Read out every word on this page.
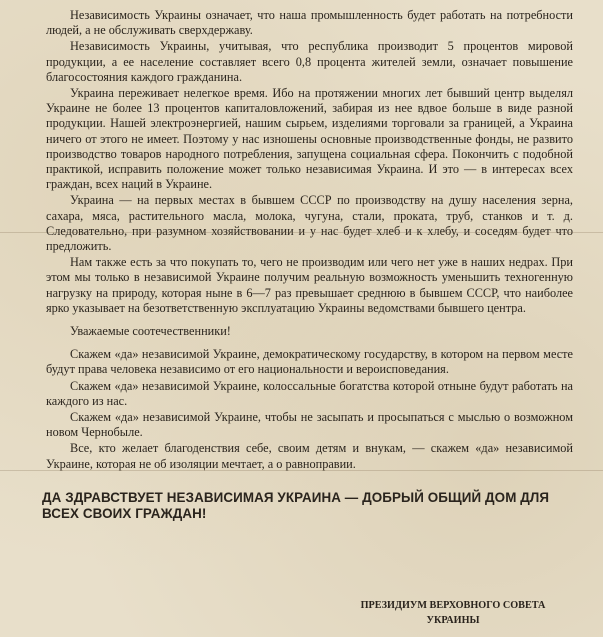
Независимость Украины означает, что наша промышленность будет работать на потребности людей, а не обслуживать сверхдержаву.

Независимость Украины, учитывая, что республика производит 5 процентов мировой продукции, а ее население составляет всего 0,8 процента жителей земли, означает повышение благосостояния каждого гражданина.

Украина переживает нелегкое время. Ибо на протяжении многих лет бывший центр выделял Украине не более 13 процентов капиталовложений, забирая из нее вдвое больше в виде разной продукции. Нашей электроэнергией, нашим сырьем, изделиями торговали за границей, а Украина ничего от этого не имеет. Поэтому у нас изношены основные производственные фонды, не развито производство товаров народного потребления, запущена социальная сфера. Покончить с подобной практикой, исправить положение может только независимая Украина. И это — в интересах всех граждан, всех наций в Украине.

Украина — на первых местах в бывшем СССР по производству на душу населения зерна, сахара, мяса, растительного масла, молока, чугуна, стали, проката, труб, станков и т. д. Следовательно, при разумном хозяйствовании и у нас будет хлеб и к хлебу, и соседям будет что предложить.

Нам также есть за что покупать то, чего не производим или чего нет уже в наших недрах. При этом мы только в независимой Украине получим реальную возможность уменьшить техногенную нагрузку на природу, которая ныне в 6—7 раз превышает среднюю в бывшем СССР, что наиболее ярко указывает на безответственную эксплуатацию Украины ведомствами бывшего центра.

Уважаемые соотечественники!

Скажем «да» независимой Украине, демократическому государству, в котором на первом месте будут права человека независимо от его национальности и вероисповедания.

Скажем «да» независимой Украине, колоссальные богатства которой отныне будут работать на каждого из нас.

Скажем «да» независимой Украине, чтобы не засыпать и просыпаться с мыслью о возможном новом Чернобыле.

Все, кто желает благоденствия себе, своим детям и внукам, — скажем «да» независимой Украине, которая не об изоляции мечтает, а о равноправии.

ДА ЗДРАВСТВУЕТ НЕЗАВИСИМАЯ УКРАИНА — ДОБРЫЙ ОБЩИЙ ДОМ ДЛЯ ВСЕХ СВОИХ ГРАЖДАН!
ПРЕЗИДИУМ ВЕРХОВНОГО СОВЕТА
УКРАИНЫ
